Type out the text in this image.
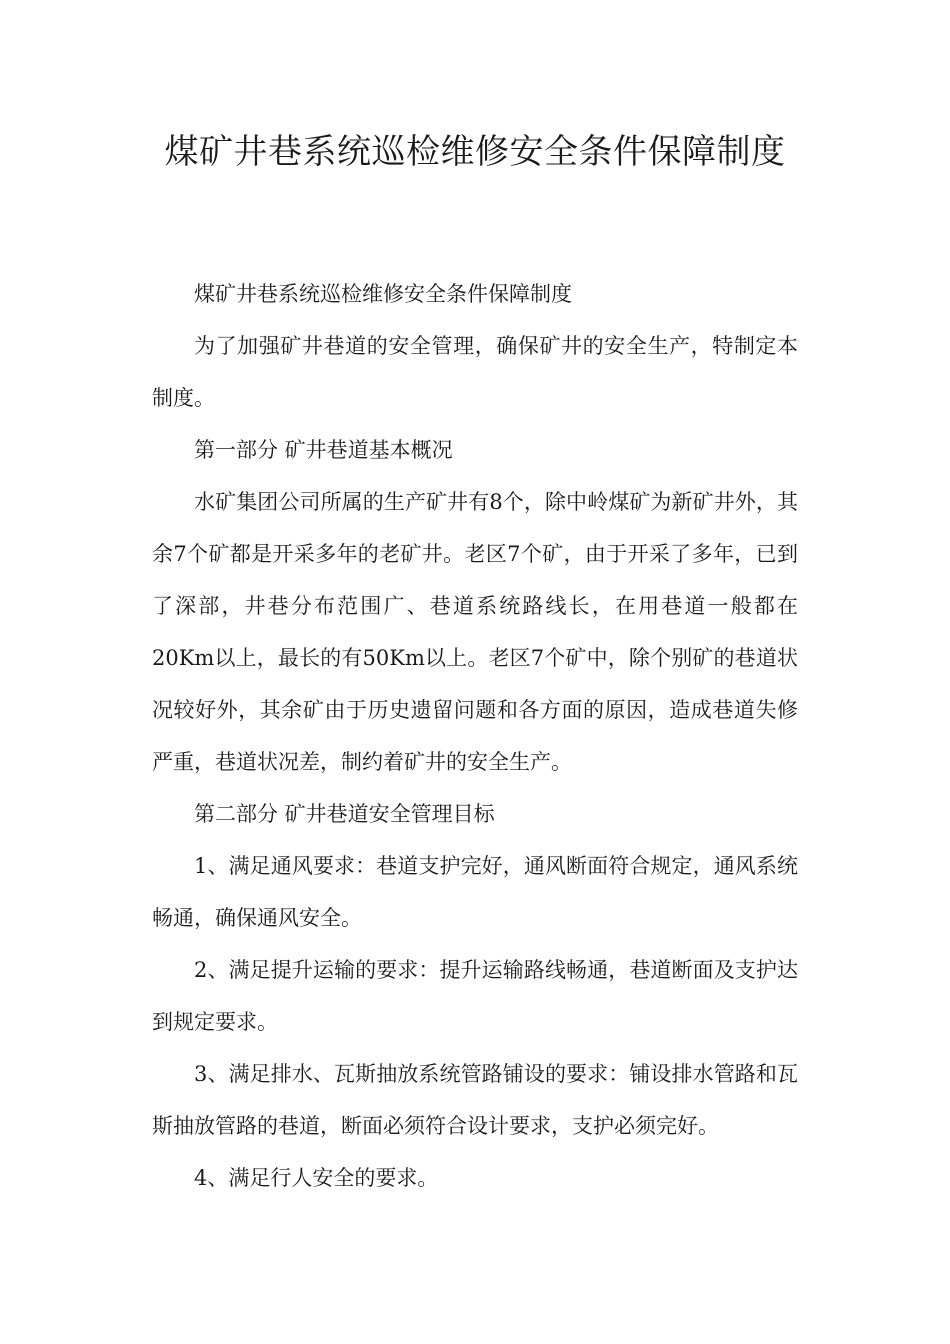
煤矿井巷系统巡检维修安全条件保障制度

煤矿井巷系统巡检维修安全条件保障制度

为了加强矿井巷道的安全管理，确保矿井的安全生产，特制定本制度。

第一部分 矿井巷道基本概况

水矿集团公司所属的生产矿井有8个，除中岭煤矿为新矿井外，其余7个矿都是开采多年的老矿井。老区7个矿，由于开采了多年，已到了深部，井巷分布范围广、巷道系统路线长，在用巷道一般都在20Km以上，最长的有50Km以上。老区7个矿中，除个别矿的巷道状况较好外，其余矿由于历史遗留问题和各方面的原因，造成巷道失修严重，巷道状况差，制约着矿井的安全生产。

第二部分 矿井巷道安全管理目标

1、满足通风要求：巷道支护完好，通风断面符合规定，通风系统畅通，确保通风安全。

2、满足提升运输的要求：提升运输路线畅通，巷道断面及支护达到规定要求。

3、满足排水、瓦斯抽放系统管路铺设的要求：铺设排水管路和瓦斯抽放管路的巷道，断面必须符合设计要求，支护必须完好。

4、满足行人安全的要求。
